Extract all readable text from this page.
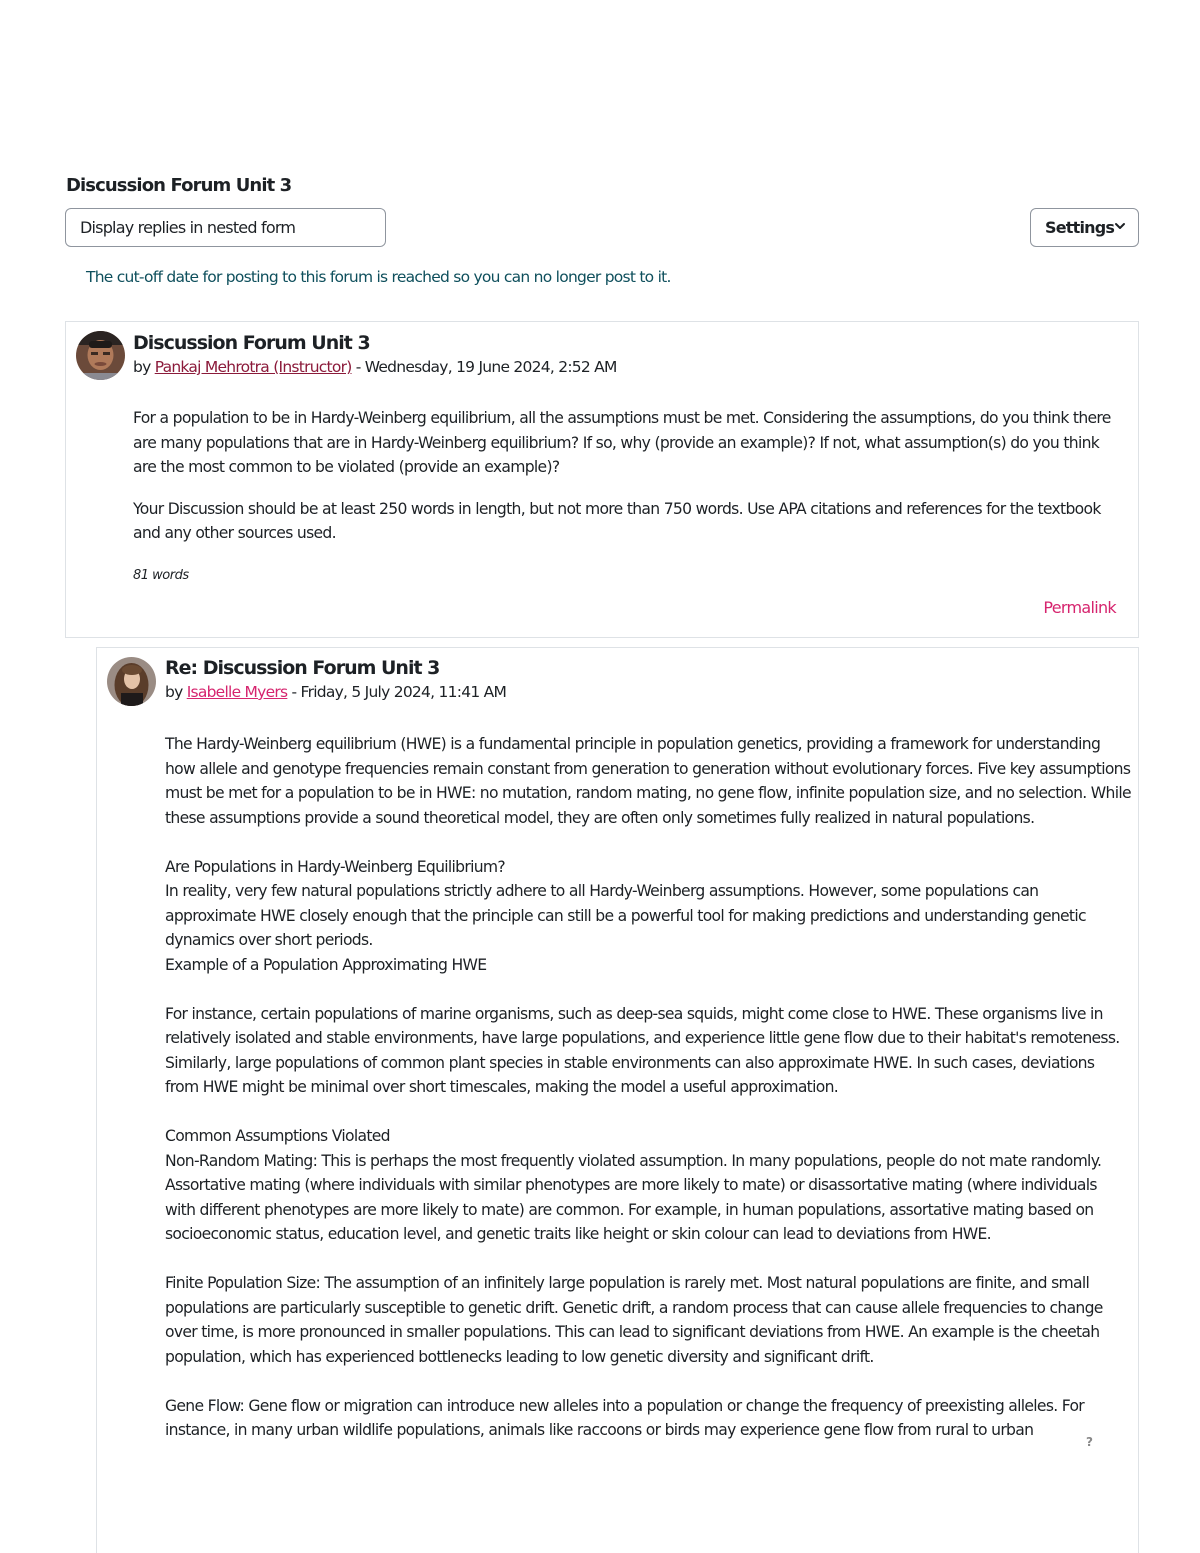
Discussion Forum Unit 3
Display replies in nested form	Settings
The cut-off date for posting to this forum is reached so you can no longer post to it.
Discussion Forum Unit 3
by Pankaj Mehrotra (Instructor) - Wednesday, 19 June 2024, 2:52 AM

For a population to be in Hardy-Weinberg equilibrium, all the assumptions must be met. Considering the assumptions, do you think there are many populations that are in Hardy-Weinberg equilibrium? If so, why (provide an example)? If not, what assumption(s) do you think are the most common to be violated (provide an example)?

Your Discussion should be at least 250 words in length, but not more than 750 words. Use APA citations and references for the textbook and any other sources used.

81 words
Permalink
Re: Discussion Forum Unit 3
by Isabelle Myers - Friday, 5 July 2024, 11:41 AM

The Hardy-Weinberg equilibrium (HWE) is a fundamental principle in population genetics, providing a framework for understanding how allele and genotype frequencies remain constant from generation to generation without evolutionary forces. Five key assumptions must be met for a population to be in HWE: no mutation, random mating, no gene flow, infinite population size, and no selection. While these assumptions provide a sound theoretical model, they are often only sometimes fully realized in natural populations.

Are Populations in Hardy-Weinberg Equilibrium?

In reality, very few natural populations strictly adhere to all Hardy-Weinberg assumptions. However, some populations can approximate HWE closely enough that the principle can still be a powerful tool for making predictions and understanding genetic dynamics over short periods.

Example of a Population Approximating HWE

For instance, certain populations of marine organisms, such as deep-sea squids, might come close to HWE. These organisms live in relatively isolated and stable environments, have large populations, and experience little gene flow due to their habitat's remoteness. Similarly, large populations of common plant species in stable environments can also approximate HWE. In such cases, deviations from HWE might be minimal over short timescales, making the model a useful approximation.

Common Assumptions Violated

Non-Random Mating: This is perhaps the most frequently violated assumption. In many populations, people do not mate randomly. Assortative mating (where individuals with similar phenotypes are more likely to mate) or disassortative mating (where individuals with different phenotypes are more likely to mate) are common. For example, in human populations, assortative mating based on socioeconomic status, education level, and genetic traits like height or skin colour can lead to deviations from HWE.

Finite Population Size: The assumption of an infinitely large population is rarely met. Most natural populations are finite, and small populations are particularly susceptible to genetic drift. Genetic drift, a random process that can cause allele frequencies to change over time, is more pronounced in smaller populations. This can lead to significant deviations from HWE. An example is the cheetah population, which has experienced bottlenecks leading to low genetic diversity and significant drift.

Gene Flow: Gene flow or migration can introduce new alleles into a population or change the frequency of preexisting alleles. For instance, in many urban wildlife populations, animals like raccoons or birds may experience gene flow from rural to urban

?
